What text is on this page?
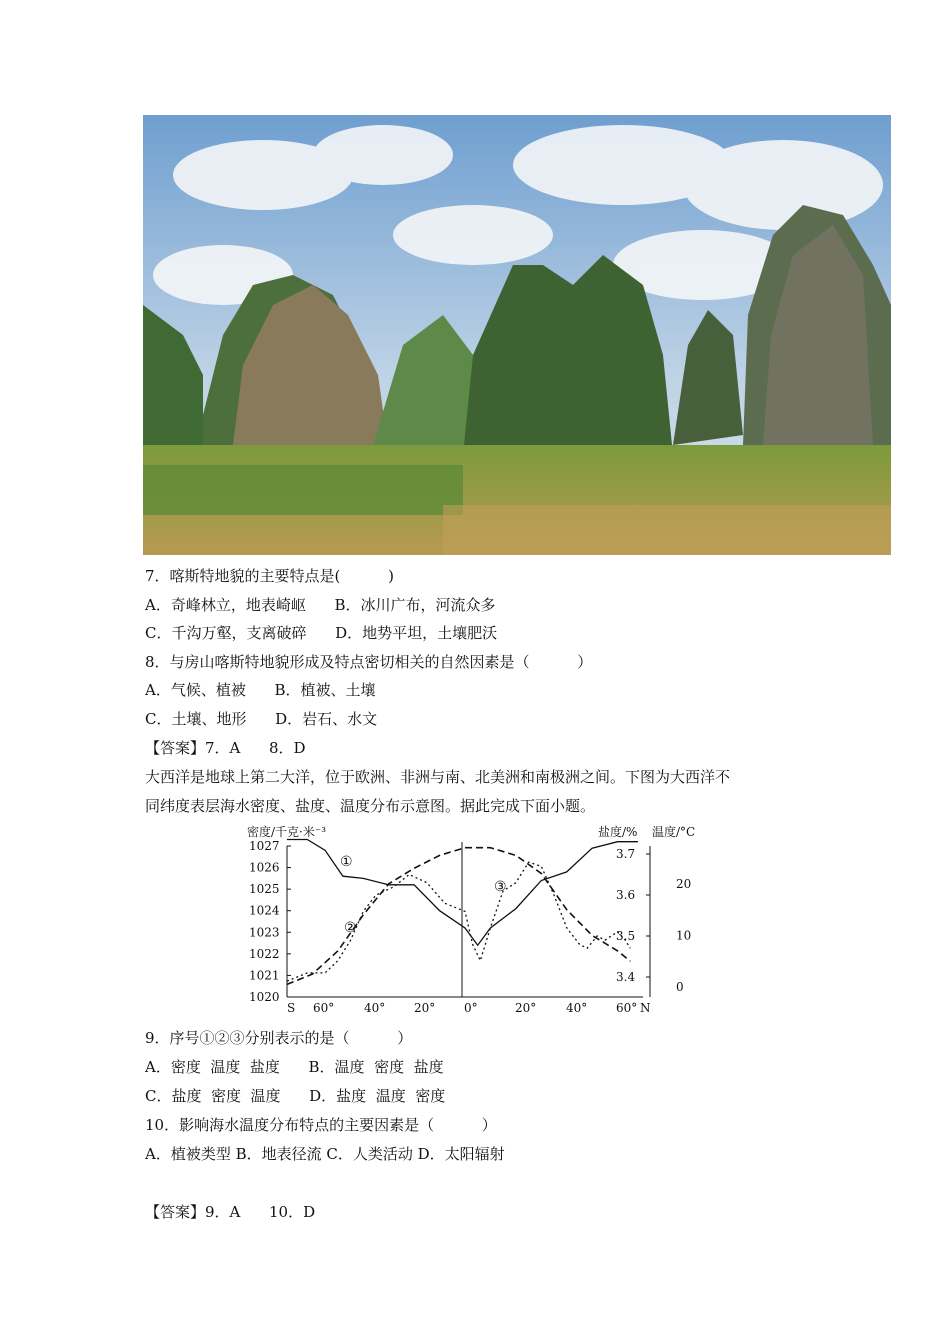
7．喀斯特地貌的主要特点是(          )
A．奇峰林立，地表崎岖      B．冰川广布，河流众多
C．千沟万壑，支离破碎      D．地势平坦，土壤肥沃
8．与房山喀斯特地貌形成及特点密切相关的自然因素是（          ）
A．气候、植被      B．植被、土壤
C．土壤、地形      D．岩石、水文
【答案】7．A      8．D
大西洋是地球上第二大洋，位于欧洲、非洲与南、北美洲和南极洲之间。下图为大西洋不
同纬度表层海水密度、盐度、温度分布示意图。据此完成下面小题。
密度/千克·米⁻³	盐度/% 温度/°C
1027
1026
1025
1024
1023
1022
1021
1020
3.7
3.6
3.5
3.4
20
10
0
S 60° 40° 20° 0°	20° 40° 60° N
①
②
③
9．序号①②③分别表示的是（          ）
A．密度  温度  盐度      B．温度  密度  盐度
C．盐度  密度  温度      D．盐度  温度  密度
10．影响海水温度分布特点的主要因素是（          ）
A．植被类型 B．地表径流 C．人类活动 D．太阳辐射
【答案】9．A      10．D
